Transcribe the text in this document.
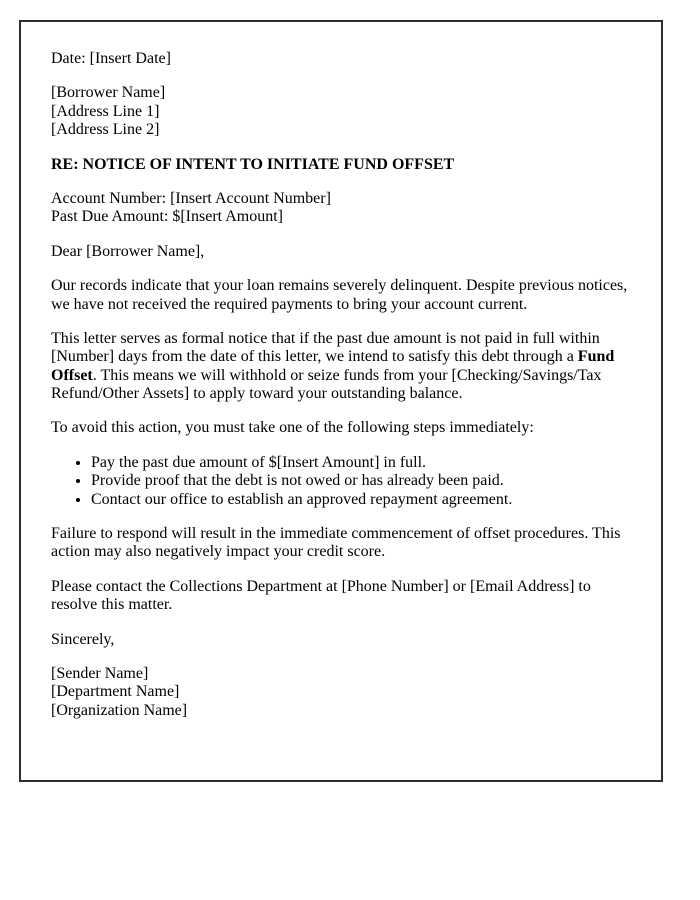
Date: [Insert Date]

[Borrower Name]
[Address Line 1]
[Address Line 2]

RE: NOTICE OF INTENT TO INITIATE FUND OFFSET

Account Number: [Insert Account Number]
Past Due Amount: $[Insert Amount]

Dear [Borrower Name],

Our records indicate that your loan remains severely delinquent. Despite previous notices, we have not received the required payments to bring your account current.

This letter serves as formal notice that if the past due amount is not paid in full within [Number] days from the date of this letter, we intend to satisfy this debt through a Fund Offset. This means we will withhold or seize funds from your [Checking/Savings/Tax Refund/Other Assets] to apply toward your outstanding balance.

To avoid this action, you must take one of the following steps immediately:

• Pay the past due amount of $[Insert Amount] in full.
• Provide proof that the debt is not owed or has already been paid.
• Contact our office to establish an approved repayment agreement.

Failure to respond will result in the immediate commencement of offset procedures. This action may also negatively impact your credit score.

Please contact the Collections Department at [Phone Number] or [Email Address] to resolve this matter.

Sincerely,

[Sender Name]
[Department Name]
[Organization Name]
